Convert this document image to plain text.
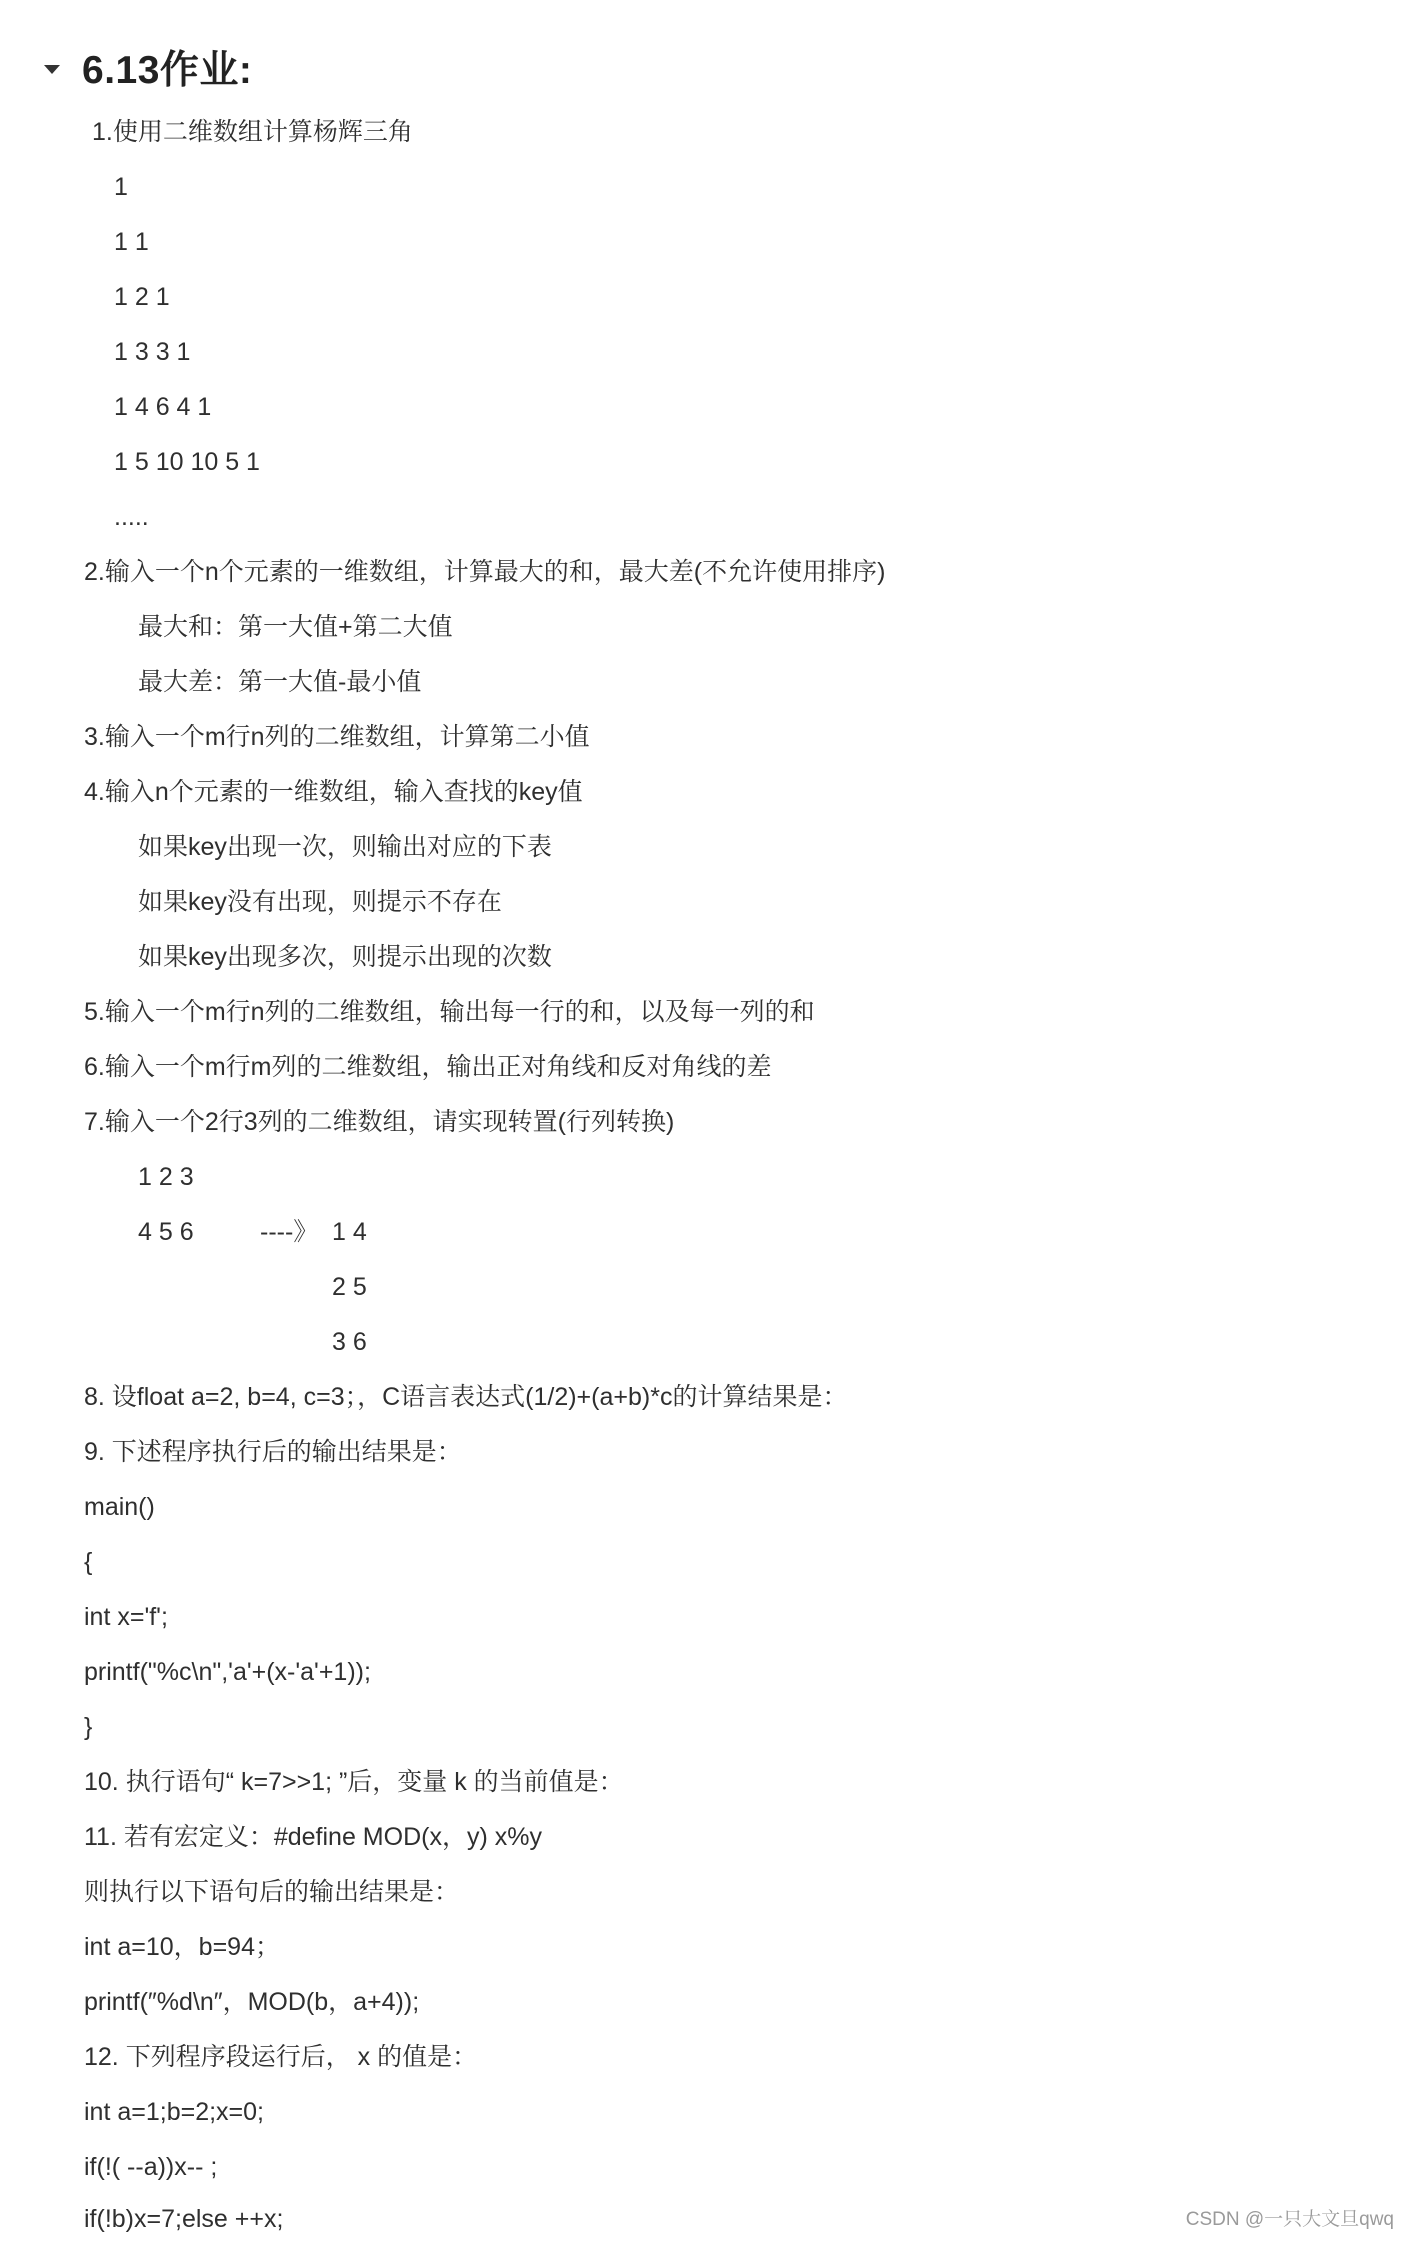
6.13作业:
1.使用二维数组计算杨辉三角
1
1 1
1 2 1
1 3 3 1
1 4 6 4 1
1 5 10 10 5 1
.....
2.输入一个n个元素的一维数组，计算最大的和，最大差(不允许使用排序)
最大和：第一大值+第二大值
最大差：第一大值-最小值
3.输入一个m行n列的二维数组，计算第二小值
4.输入n个元素的一维数组，输入查找的key值
如果key出现一次，则输出对应的下表
如果key没有出现，则提示不存在
如果key出现多次，则提示出现的次数
5.输入一个m行n列的二维数组，输出每一行的和，以及每一列的和
6.输入一个m行m列的二维数组，输出正对角线和反对角线的差
7.输入一个2行3列的二维数组，请实现转置(行列转换)
1 2 3
4 5 6	----》 1 4
2 5
3 6
8. 设float a=2, b=4, c=3；，C语言表达式(1/2)+(a+b)*c的计算结果是：
9. 下述程序执行后的输出结果是：
main()
{
int x='f';
printf("%c\n",'a'+(x-'a'+1));
}
10. 执行语句“ k=7>>1; ”后，变量 k 的当前值是：
11. 若有宏定义：#define MOD(x，y) x%y
则执行以下语句后的输出结果是：
int a=10，b=94；
printf(″%d\n″，MOD(b，a+4));
12. 下列程序段运行后， x 的值是：
int a=1;b=2;x=0;
if(!( --a))x-- ;
if(!b)x=7;else ++x;	CSDN @一只大文旦qwq
